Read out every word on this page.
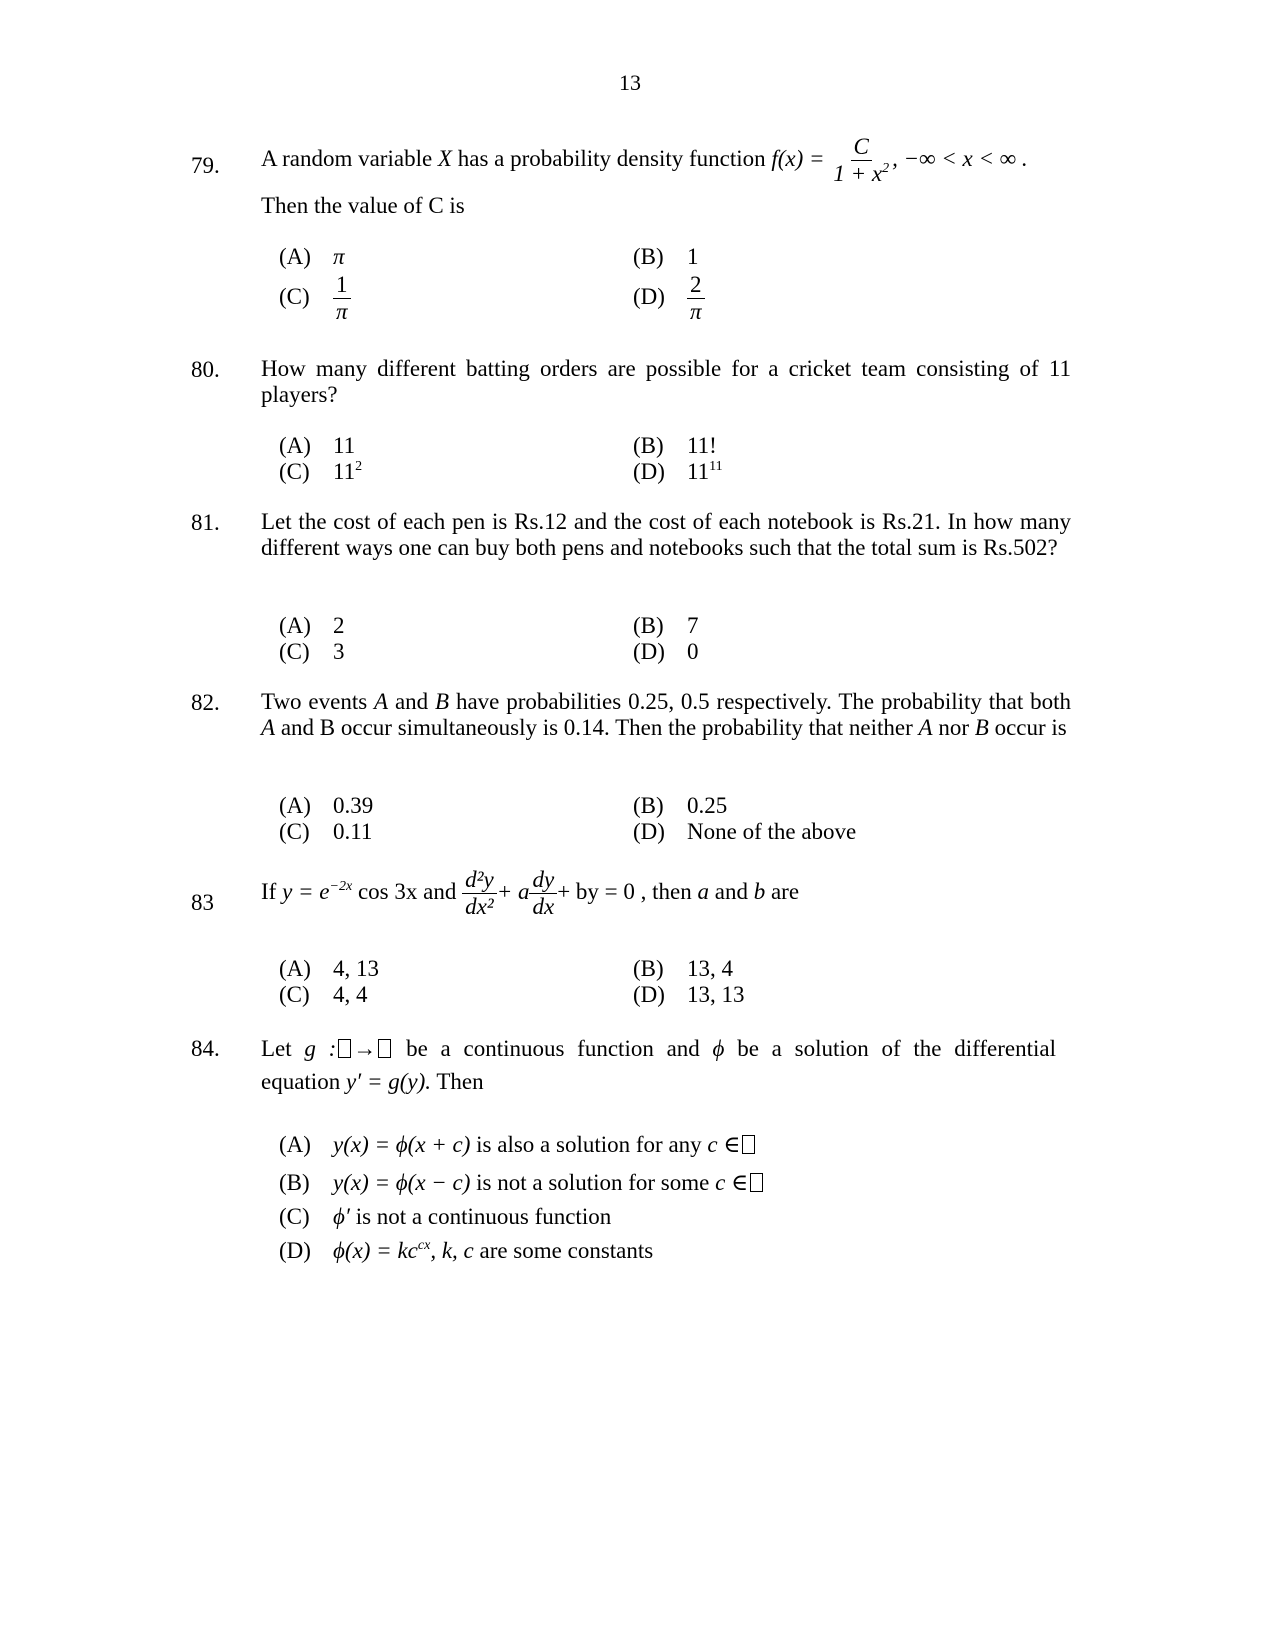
13
79.	A random variable X has a probability density function $f(x) = \frac{C}{1 + x^2}$ , −∞ < x < ∞ .
Then the value of C is
(A) π	(B) 1
$(C) \frac{1}{\pi}$	$(D) \frac{2}{\pi}$
80.	How many different batting orders are possible for a cricket team consisting of 11 players?
(A) 11	(B) 11!
(C) $11^2$	(D) $11^{11}$
81.	Let the cost of each pen is Rs.12 and the cost of each notebook is Rs.21. In how many different ways one can buy both pens and notebooks such that the total sum is Rs.502?
(A) 2	(B) 7
(C) 3	(D) 0
82.	Two events A and B have probabilities 0.25, 0.5 respectively. The probability that both A and B occur simultaneously is 0.14. Then the probability that neither A nor B occur is
(A) 0.39	(B) 0.25
(C) 0.11	(D) None of the above
83	If $y = e^{-2x}$ cos 3x and $\frac{\text{d²y}}{\text{dx²}} + a \frac{dy}{dx}$ + by = 0 , then a and b are
(A) 4, 13	(B) 13, 4
(C) 4, 4	(D) 13, 13
84.	Let g : → be a continuous function and ϕ be a solution of the differential
equation y′ = g(y). Then
(A) y(x) = ϕ(x + c) is also a solution for any c ∈
(B) y(x) = ϕ(x − c) is not a solution for some c ∈
(C) ϕ′ is not a continuous function
(D) $\phi(x) = kc^{cx}$, k, c are some constants
